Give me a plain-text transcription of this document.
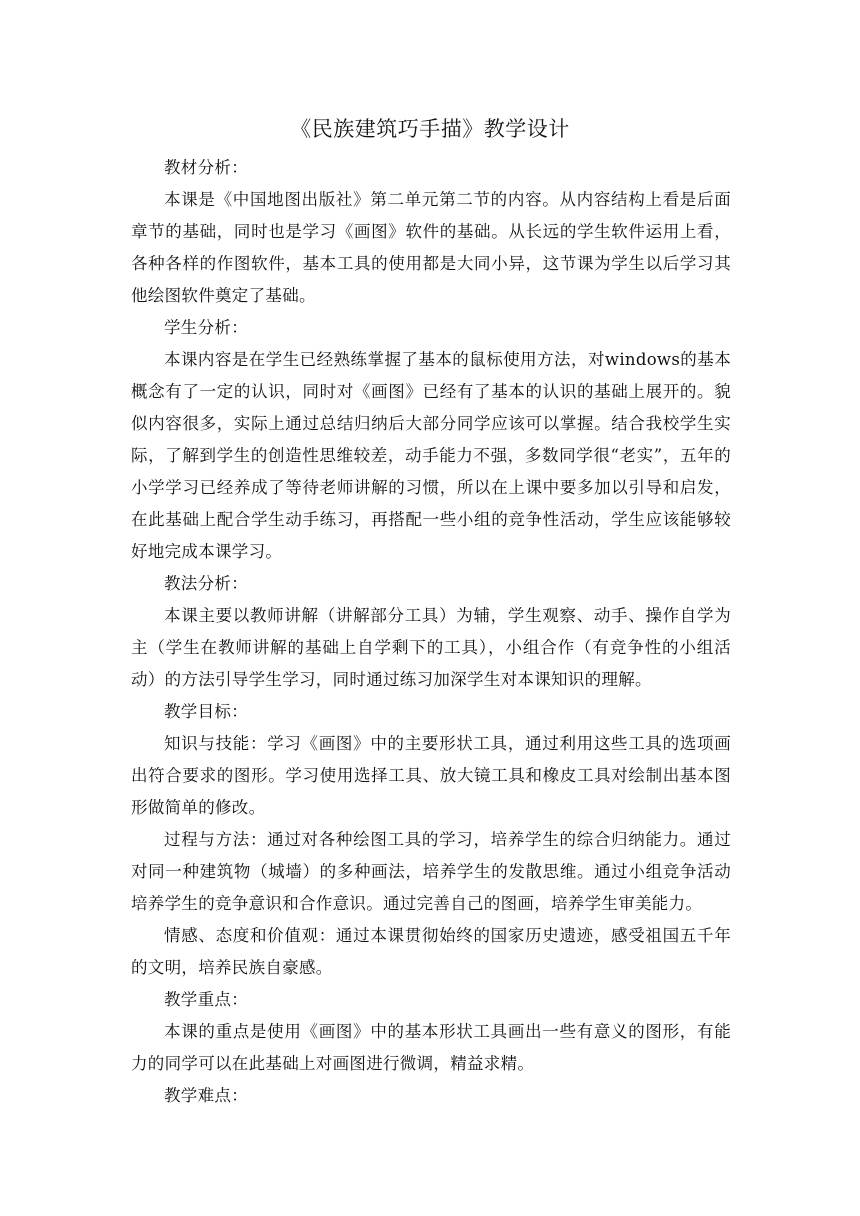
《民族建筑巧手描》教学设计

教材分析：

本课是《中国地图出版社》第二单元第二节的内容。从内容结构上看是后面章节的基础，同时也是学习《画图》软件的基础。从长远的学生软件运用上看，各种各样的作图软件，基本工具的使用都是大同小异，这节课为学生以后学习其他绘图软件奠定了基础。

学生分析：

本课内容是在学生已经熟练掌握了基本的鼠标使用方法，对windows的基本概念有了一定的认识，同时对《画图》已经有了基本的认识的基础上展开的。貌似内容很多，实际上通过总结归纳后大部分同学应该可以掌握。结合我校学生实际，了解到学生的创造性思维较差，动手能力不强，多数同学很“老实”，五年的小学学习已经养成了等待老师讲解的习惯，所以在上课中要多加以引导和启发，在此基础上配合学生动手练习，再搭配一些小组的竞争性活动，学生应该能够较好地完成本课学习。

教法分析：

本课主要以教师讲解（讲解部分工具）为辅，学生观察、动手、操作自学为主（学生在教师讲解的基础上自学剩下的工具），小组合作（有竞争性的小组活动）的方法引导学生学习，同时通过练习加深学生对本课知识的理解。

教学目标：

知识与技能：学习《画图》中的主要形状工具，通过利用这些工具的选项画出符合要求的图形。学习使用选择工具、放大镜工具和橡皮工具对绘制出基本图形做简单的修改。

过程与方法：通过对各种绘图工具的学习，培养学生的综合归纳能力。通过对同一种建筑物（城墙）的多种画法，培养学生的发散思维。通过小组竞争活动培养学生的竞争意识和合作意识。通过完善自己的图画，培养学生审美能力。

情感、态度和价值观：通过本课贯彻始终的国家历史遗迹，感受祖国五千年的文明，培养民族自豪感。

教学重点：

本课的重点是使用《画图》中的基本形状工具画出一些有意义的图形，有能力的同学可以在此基础上对画图进行微调，精益求精。

教学难点：
